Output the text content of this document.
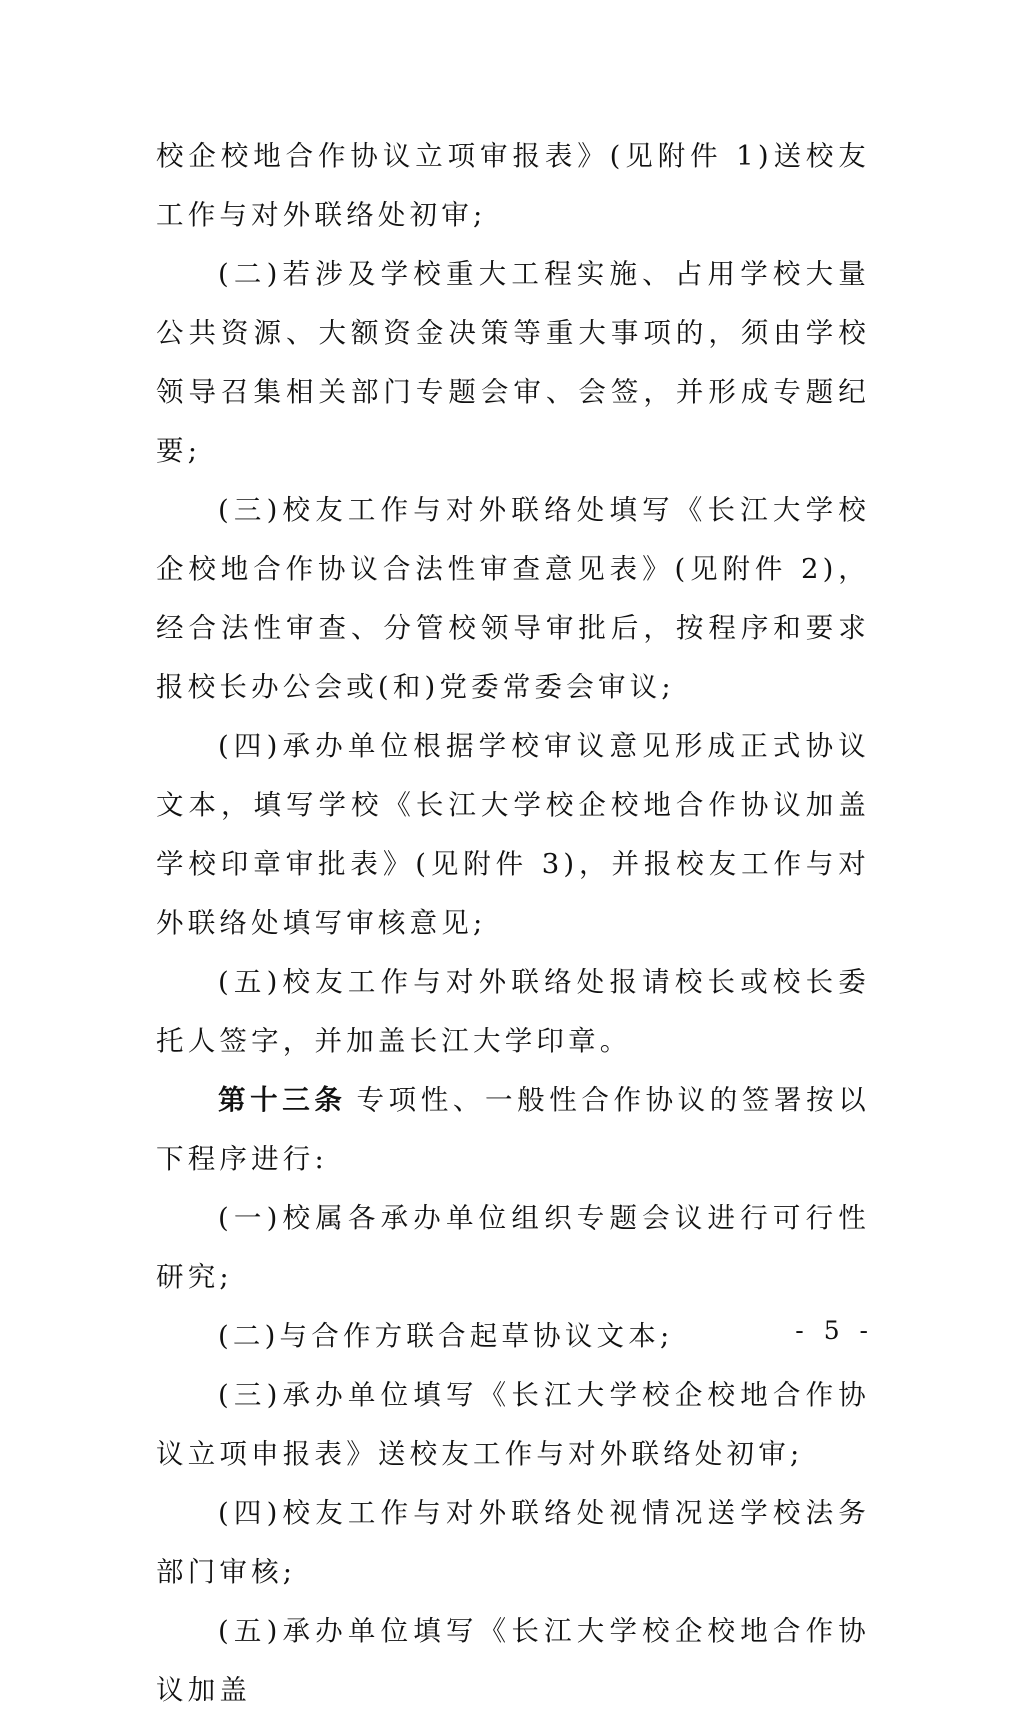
校企校地合作协议立项审报表》(见附件 1)送校友工作与对外联络处初审;

(二)若涉及学校重大工程实施、占用学校大量公共资源、大额资金决策等重大事项的，须由学校领导召集相关部门专题会审、会签，并形成专题纪要;

(三)校友工作与对外联络处填写《长江大学校企校地合作协议合法性审查意见表》(见附件 2)，经合法性审查、分管校领导审批后，按程序和要求报校长办公会或(和)党委常委会审议;

(四)承办单位根据学校审议意见形成正式协议文本，填写学校《长江大学校企校地合作协议加盖学校印章审批表》(见附件 3)，并报校友工作与对外联络处填写审核意见;

(五)校友工作与对外联络处报请校长或校长委托人签字，并加盖长江大学印章。

第十三条 专项性、一般性合作协议的签署按以下程序进行:

(一)校属各承办单位组织专题会议进行可行性研究;

(二)与合作方联合起草协议文本;

(三)承办单位填写《长江大学校企校地合作协议立项申报表》送校友工作与对外联络处初审;

(四)校友工作与对外联络处视情况送学校法务部门审核;

(五)承办单位填写《长江大学校企校地合作协议加盖

- 5 -
